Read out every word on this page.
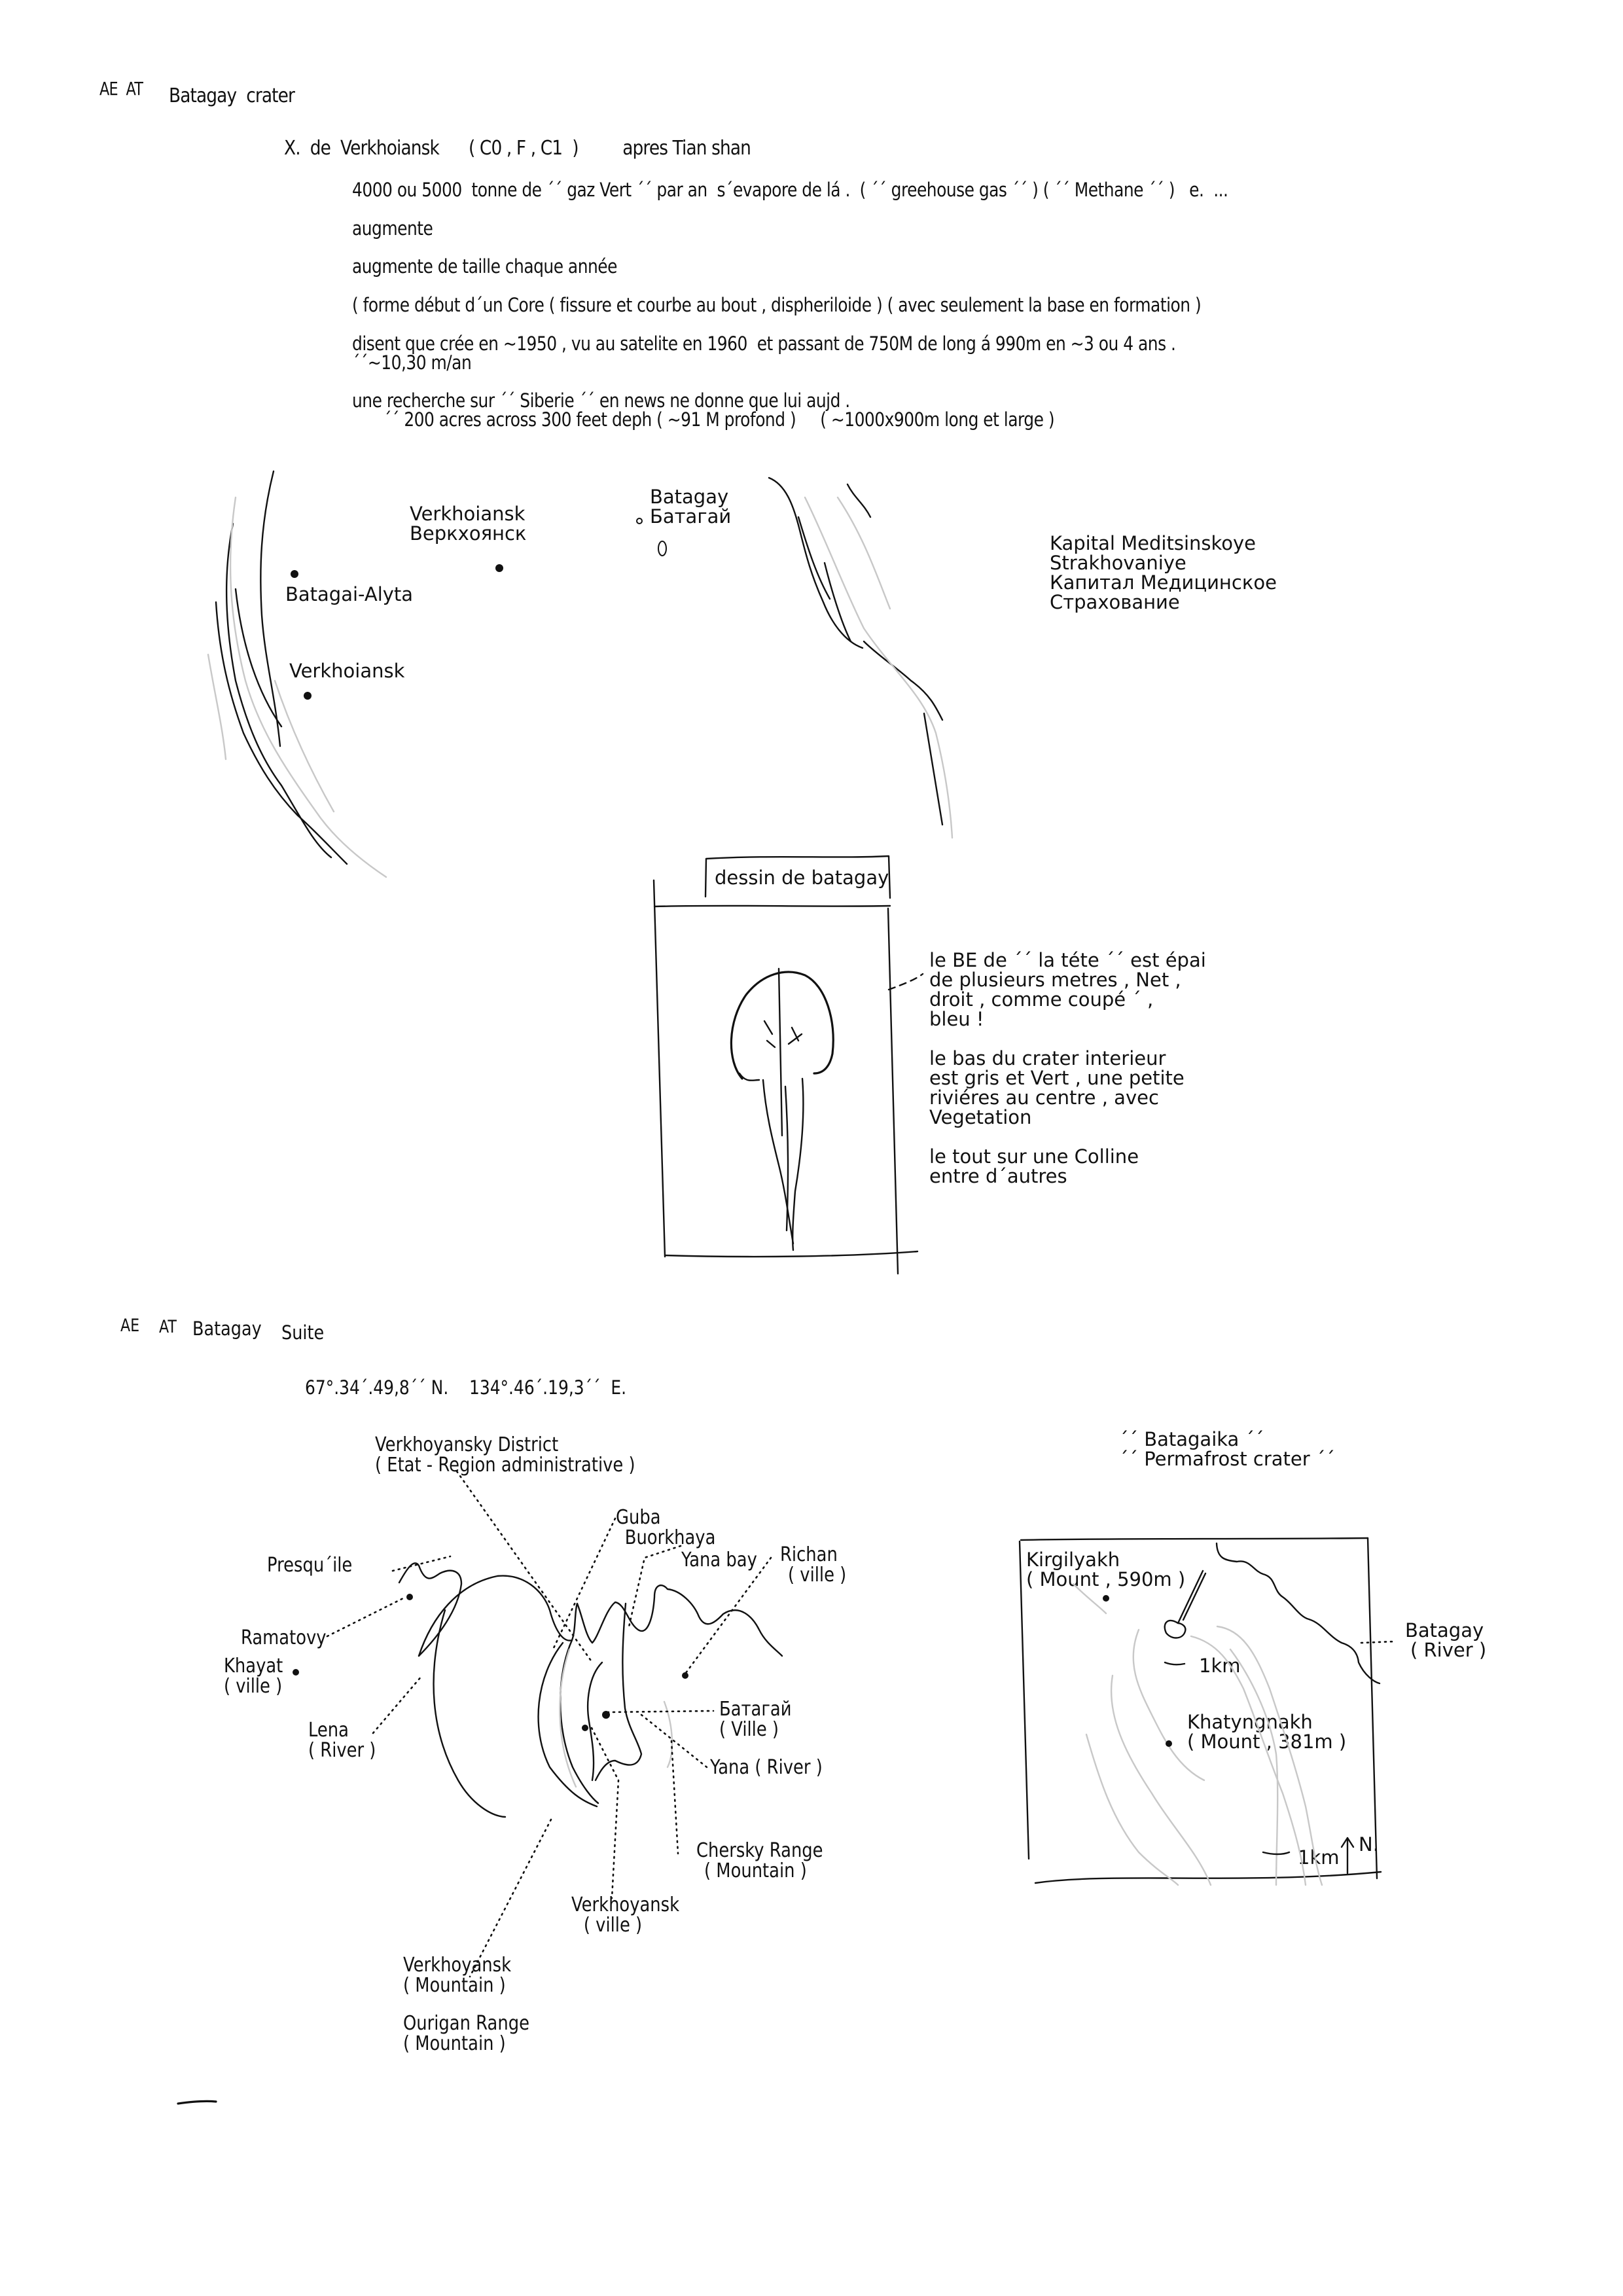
AE  AT Batagay  crater
X.  de  Verkhoiansk      ( C0 , F , C1  )         apres Tian shan
4000 ou 5000  tonne de ´´ gaz Vert ´´ par an  s´evapore de lá .  ( ´´ greehouse gas ´´ ) ( ´´ Methane ´´ )   e.  ...
augmente
augmente de taille chaque année
( forme début d´un Core ( fissure et courbe au bout , dispheriloide ) ( avec seulement la base en formation )
disent que crée en ~1950 , vu au satelite en 1960  et passant de 750M de long á 990m en ~3 ou 4 ans .
´´~10,30 m/an
une recherche sur ´´ Siberie ´´ en news ne donne que lui aujd .
´´ 200 acres across 300 feet deph ( ~91 M profond )     ( ~1000x900m long et large )
Verkhoiansk
Веркхоянск
Batagay
Батагай
Batagai-Alyta
Verkhoiansk
Kapital Meditsinskoye
Strakhovaniye
Капитал Медицинское
Страхование
dessin de batagay

le BE de ´´ la téte ´´ est épai
de plusieurs metres , Net ,
droit , comme coupé ´ ,
bleu !

le bas du crater interieur
est gris et Vert , une petite
riviéres au centre , avec
Vegetation

le tout sur une Colline
entre d´autres
AE AT Batagay Suite
67°.34´.49,8´´ N.    134°.46´.19,3´´  E.
Verkhoyansky District
( Etat - Region administrative )
Presqu´ile
Ramatovy
Khayat
( ville )
Lena
( River )
Guba
Buorkhaya
Yana bay Richan
( ville )
Батагай
( Ville )
Yana ( River )
Chersky Range
( Mountain )
Verkhoyansk
( ville )
Verkhoyansk
( Mountain )
Ourigan Range
( Mountain )
´´ Batagaika ´´
´´ Permafrost crater ´´
Kirgilyakh
( Mount , 590m )
1km
Khatyngnakh
( Mount , 381m )
Batagay
( River )
1km
N.
